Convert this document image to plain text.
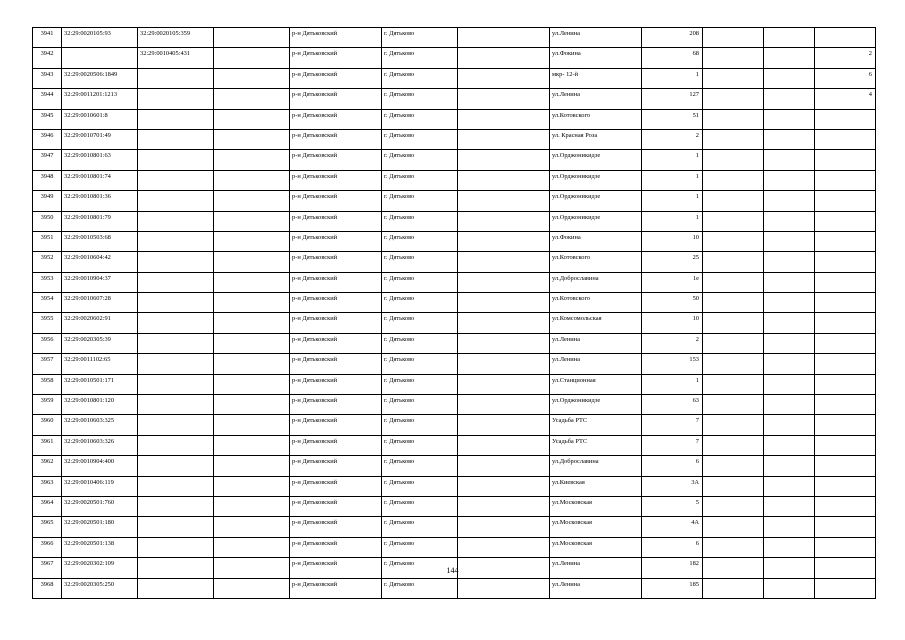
3941	32:29:0020105:93	32:29:0020105:359		р-н Дятьковский	г. Дятьково		ул.Ленина	208			
3942		32:29:0010405:431		р-н Дятьковский	г. Дятьково		ул.Фокина	68			2
3943	32:29:0020506:1849			р-н Дятьковский	г. Дятьково		мкр- 12-й	1			6
3944	32:29:0011201:1213			р-н Дятьковский	г. Дятьково		ул.Ленина	127			4
3945	32:29:0010601:8			р-н Дятьковский	г. Дятьково		ул.Котовского	51			
3946	32:29:0010701:49			р-н Дятьковский	г. Дятьково		ул. Красная Роза	2			
3947	32:29:0010801:63			р-н Дятьковский	г. Дятьково		ул.Орджоникидзе	1			
3948	32:29:0010801:74			р-н Дятьковский	г. Дятьково		ул.Орджоникидзе	1			
3949	32:29:0010801:36			р-н Дятьковский	г. Дятьково		ул.Орджоникидзе	1			
3950	32:29:0010801:79			р-н Дятьковский	г. Дятьково		ул.Орджоникидзе	1			
3951	32:29:0010503:68			р-н Дятьковский	г. Дятьково		ул.Фокина	10			
3952	32:29:0010604:42			р-н Дятьковский	г. Дятьково		ул.Котовского	25			
3953	32:29:0010904:37			р-н Дятьковский	г. Дятьково		ул.Доброславина	1е			
3954	32:29:0010607:28			р-н Дятьковский	г. Дятьково		ул.Котовского	50			
3955	32:29:0020602:91			р-н Дятьковский	г. Дятьково		ул.Комсомольская	10			
3956	32:29:0020305:39			р-н Дятьковский	г. Дятьково		ул.Ленина	2			
3957	32:29:0011102:65			р-н Дятьковский	г. Дятьково		ул.Ленина	153			
3958	32:29:0010501:171			р-н Дятьковский	г. Дятьково		ул.Станционная	1			
3959	32:29:0010801:120			р-н Дятьковский	г. Дятьково		ул.Орджоникидзе	63			
3960	32:29:0010603:325			р-н Дятьковский	г. Дятьково		Усадьба РТС	7			
3961	32:29:0010603:326			р-н Дятьковский	г. Дятьково		Усадьба РТС	7			
3962	32:29:0010904:400			р-н Дятьковский	г. Дятьково		ул.Доброславина	6			
3963	32:29:0010406:119			р-н Дятьковский	г. Дятьково		ул.Киевская	3А			
3964	32:29:0020501:760			р-н Дятьковский	г. Дятьково		ул.Московская	5			
3965	32:29:0020501:180			р-н Дятьковский	г. Дятьково		ул.Московская	4А			
3966	32:29:0020501:138			р-н Дятьковский	г. Дятьково		ул.Московская	6			
3967	32:29:0020302:109			р-н Дятьковский	г. Дятьково		ул.Ленина	182			
3968	32:29:0020305:250			р-н Дятьковский	г. Дятьково		ул.Ленина	185			
144
